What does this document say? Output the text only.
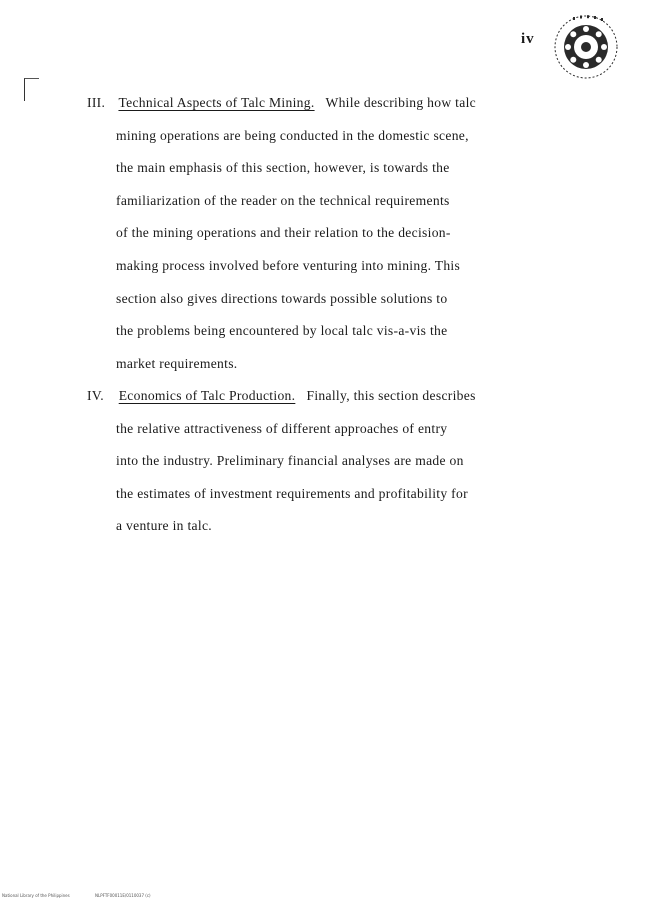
iv
III. Technical Aspects of Talc Mining. While describing how talc
mining operations are being conducted in the domestic scene,
the main emphasis of this section, however, is towards the
familiarization of the reader on the technical requirements
of the mining operations and their relation to the decision-
making process involved before venturing into mining. This
section also gives directions towards possible solutions to
the problems being encountered by local talc vis-a-vis the
market requirements.
IV. Economics of Talc Production. Finally, this section describes
the relative attractiveness of different approaches of entry
into the industry. Preliminary financial analyses are made on
the estimates of investment requirements and profitability for
a venture in talc.
National Library of the Philippines	NLPFTF00011E/0110037 (c)
